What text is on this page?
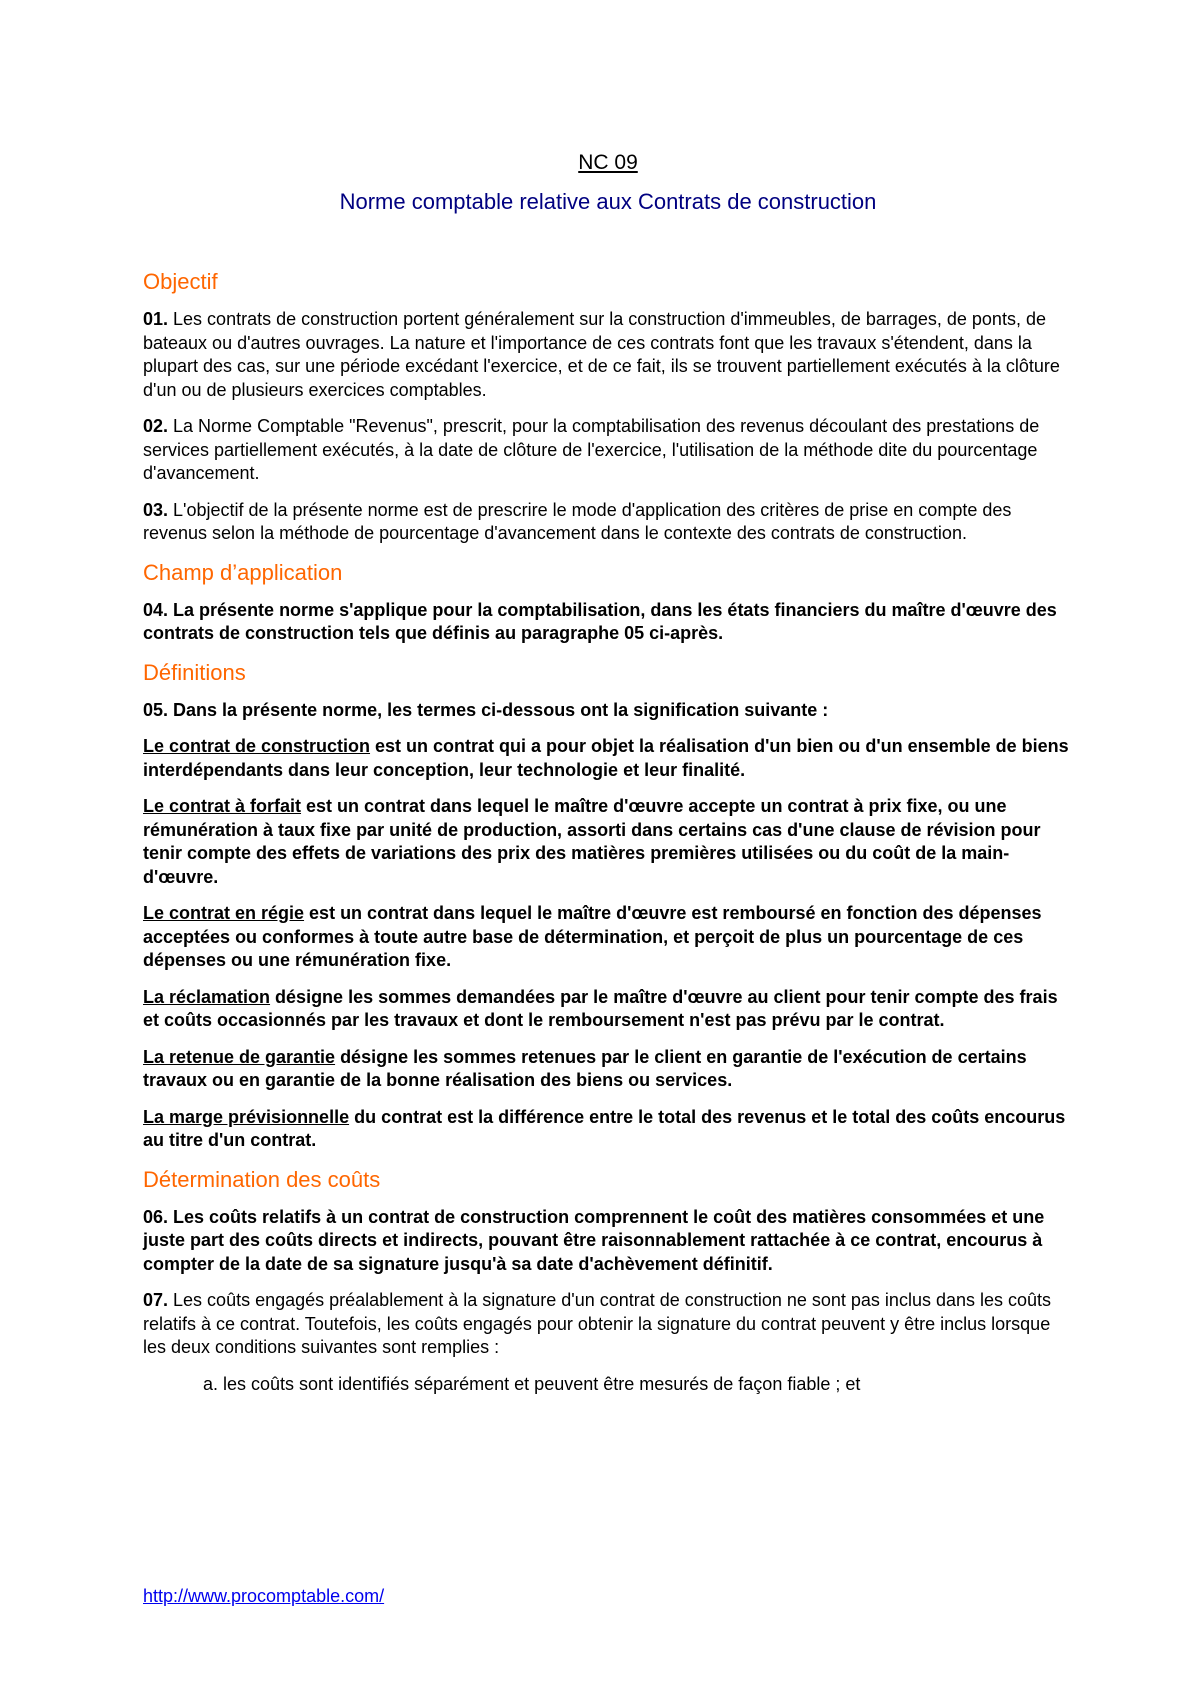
NC 09
Norme comptable relative aux Contrats de construction
Objectif

01. Les contrats de construction portent généralement sur la construction d'immeubles, de barrages, de ponts, de bateaux ou d'autres ouvrages. La nature et l'importance de ces contrats font que les travaux s'étendent, dans la plupart des cas, sur une période excédant l'exercice, et de ce fait, ils se trouvent partiellement exécutés à la clôture d'un ou de plusieurs exercices comptables.

02. La Norme Comptable "Revenus", prescrit, pour la comptabilisation des revenus découlant des prestations de services partiellement exécutés, à la date de clôture de l'exercice, l'utilisation de la méthode dite du pourcentage d'avancement.

03. L'objectif de la présente norme est de prescrire le mode d'application des critères de prise en compte des revenus selon la méthode de pourcentage d'avancement dans le contexte des contrats de construction.

Champ d’application

04. La présente norme s'applique pour la comptabilisation, dans les états financiers du maître d'œuvre des contrats de construction tels que définis au paragraphe 05 ci-après.

Définitions

05. Dans la présente norme, les termes ci-dessous ont la signification suivante :

Le contrat de construction est un contrat qui a pour objet la réalisation d'un bien ou d'un ensemble de biens interdépendants dans leur conception, leur technologie et leur finalité.

Le contrat à forfait est un contrat dans lequel le maître d'œuvre accepte un contrat à prix fixe, ou une rémunération à taux fixe par unité de production, assorti dans certains cas d'une clause de révision pour tenir compte des effets de variations des prix des matières premières utilisées ou du coût de la main-d'œuvre.

Le contrat en régie est un contrat dans lequel le maître d'œuvre est remboursé en fonction des dépenses acceptées ou conformes à toute autre base de détermination, et perçoit de plus un pourcentage de ces dépenses ou une rémunération fixe.

La réclamation désigne les sommes demandées par le maître d'œuvre au client pour tenir compte des frais et coûts occasionnés par les travaux et dont le remboursement n'est pas prévu par le contrat.

La retenue de garantie désigne les sommes retenues par le client en garantie de l'exécution de certains travaux ou en garantie de la bonne réalisation des biens ou services.

La marge prévisionnelle du contrat est la différence entre le total des revenus et le total des coûts encourus au titre d'un contrat.

Détermination des coûts

06. Les coûts relatifs à un contrat de construction comprennent le coût des matières consommées et une juste part des coûts directs et indirects, pouvant être raisonnablement rattachée à ce contrat, encourus à compter de la date de sa signature jusqu'à sa date d'achèvement définitif.

07. Les coûts engagés préalablement à la signature d'un contrat de construction ne sont pas inclus dans les coûts relatifs à ce contrat. Toutefois, les coûts engagés pour obtenir la signature du contrat peuvent y être inclus lorsque les deux conditions suivantes sont remplies :

a. les coûts sont identifiés séparément et peuvent être mesurés de façon fiable ; et

http://www.procomptable.com/
